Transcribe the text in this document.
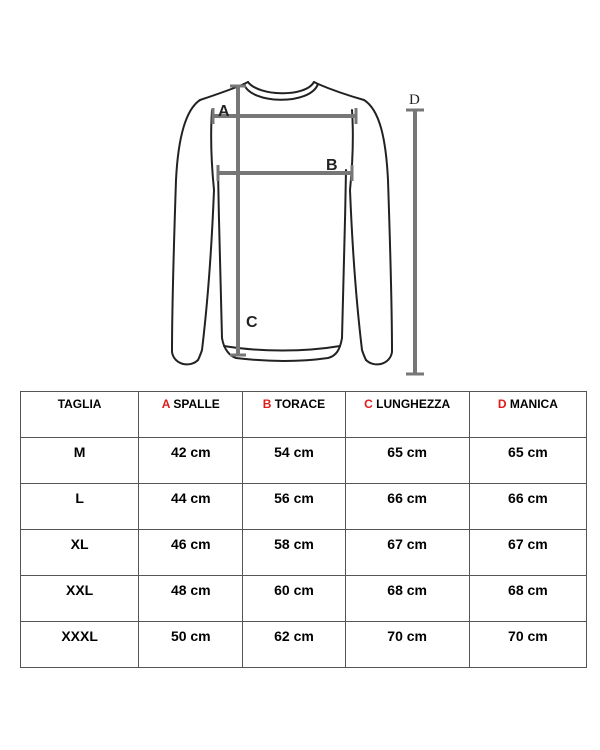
A
B
C
D
TAGLIA	A SPALLE	B TORACE	C LUNGHEZZA	D MANICA
M	42 cm	54 cm	65 cm	65 cm
L	44 cm	56 cm	66 cm	66 cm
XL	46 cm	58 cm	67 cm	67 cm
XXL	48 cm	60 cm	68 cm	68 cm
XXXL	50 cm	62 cm	70 cm	70 cm
